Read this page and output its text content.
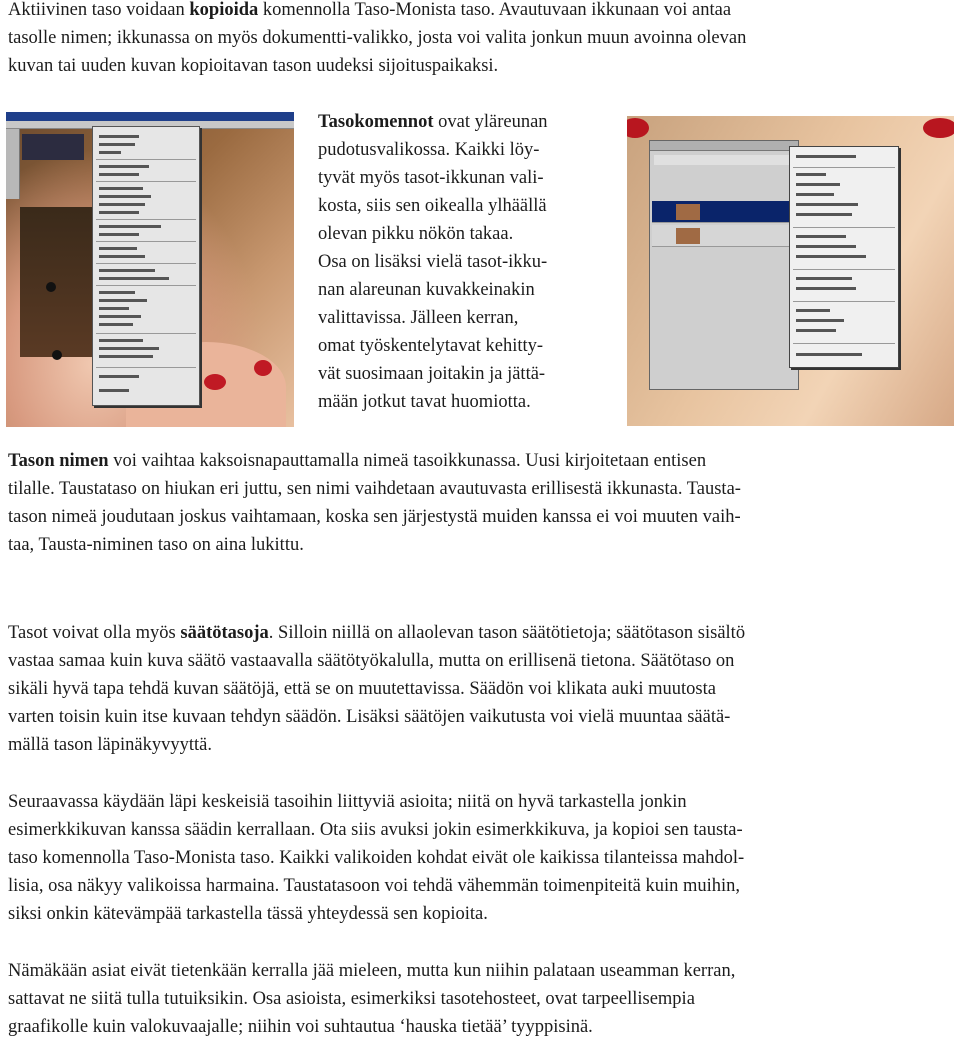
Aktiivinen taso voidaan kopioida komennolla Taso-Monista taso. Avautuvaan ikkunaan voi antaa
tasolle nimen; ikkunassa on myös dokumentti-valikko, josta voi valita jonkun muun avoinna olevan
kuvan tai uuden kuvan kopioitavan tason uudeksi sijoituspaikaksi.
Tasokomennot ovat yläreunan
pudotusvalikossa. Kaikki löy-
tyvät myös tasot-ikkunan vali-
kosta, siis sen oikealla ylhäällä
olevan pikku nökön takaa.
Osa on lisäksi vielä tasot-ikku-
nan alareunan kuvakkeinakin
valittavissa. Jälleen kerran,
omat työskentelytavat kehitty-
vät suosimaan joitakin ja jättä-
mään jotkut tavat huomiotta.
Tason nimen voi vaihtaa kaksoisnapauttamalla nimeä tasoikkunassa. Uusi kirjoitetaan entisen
tilalle. Taustataso on hiukan eri juttu, sen nimi vaihdetaan avautuvasta erillisestä ikkunasta. Tausta-
tason nimeä joudutaan joskus vaihtamaan, koska sen järjestystä muiden kanssa ei voi muuten vaih-
taa, Tausta-niminen taso on aina lukittu.
Tasot voivat olla myös säätötasoja. Silloin niillä on allaolevan tason säätötietoja; säätötason sisältö
vastaa samaa kuin kuva säätö vastaavalla säätötyökalulla, mutta on erillisenä tietona. Säätötaso on
sikäli hyvä tapa tehdä kuvan säätöjä, että se on muutettavissa. Säädön voi klikata auki muutosta
varten toisin kuin itse kuvaan tehdyn säädön. Lisäksi säätöjen vaikutusta voi vielä muuntaa säätä-
mällä tason läpinäkyvyyttä.
Seuraavassa käydään läpi keskeisiä tasoihin liittyviä asioita; niitä on hyvä tarkastella jonkin
esimerkkikuvan kanssa säädin kerrallaan. Ota siis avuksi jokin esimerkkikuva, ja kopioi sen tausta-
taso komennolla Taso-Monista taso. Kaikki valikoiden kohdat eivät ole kaikissa tilanteissa mahdol-
lisia, osa näkyy valikoissa harmaina. Taustatasoon voi tehdä vähemmän toimenpiteitä kuin muihin,
siksi onkin kätevämpää tarkastella tässä yhteydessä sen kopioita.
Nämäkään asiat eivät tietenkään kerralla jää mieleen, mutta kun niihin palataan useamman kerran,
sattavat ne siitä tulla tutuiksikin. Osa asioista, esimerkiksi tasotehosteet, ovat tarpeellisempia
graafikolle kuin valokuvaajalle; niihin voi suhtautua ‘hauska tietää’ tyyppisinä.
